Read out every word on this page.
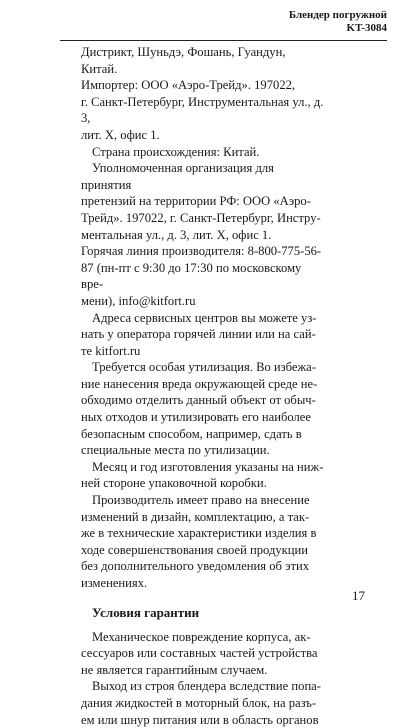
Блендер погружной
KT-3084

Дистрикт, Шуньдэ, Фошань, Гуандун, Китай.

Импортер: ООО «Аэро-Трейд». 197022,

г. Санкт-Петербург, Инструментальная ул., д. 3,

лит. Х, офис 1.

Страна происхождения: Китай.

Уполномоченная организация для принятия

претензий на территории РФ: ООО «Аэро-

Трейд». 197022, г. Санкт-Петербург, Инстру-

ментальная ул., д. 3, лит. Х, офис 1.

Горячая линия производителя: 8-800-775-56-

87 (пн-пт с 9:30 до 17:30 по московскому вре-

мени), info@kitfort.ru

Адреса сервисных центров вы можете уз-

нать у оператора горячей линии или на сай-

те kitfort.ru

Требуется особая утилизация. Во избежа-

ние нанесения вреда окружающей среде не-

обходимо отделить данный объект от обыч-

ных отходов и утилизировать его наиболее

безопасным способом, например, сдать в

специальные места по утилизации.

Месяц и год изготовления указаны на ниж-

ней стороне упаковочной коробки.

Производитель имеет право на внесение

изменений в дизайн, комплектацию, а так-

же в технические характеристики изделия в

ходе совершенствования своей продукции

без дополнительного уведомления об этих

изменениях.

Условия гарантии

Механическое повреждение корпуса, ак-

сессуаров или составных частей устройства

не является гарантийным случаем.

Выход из строя блендера вследствие попа-

дания жидкостей в моторный блок, на разъ-

ем или шнур питания или в область органов

17
